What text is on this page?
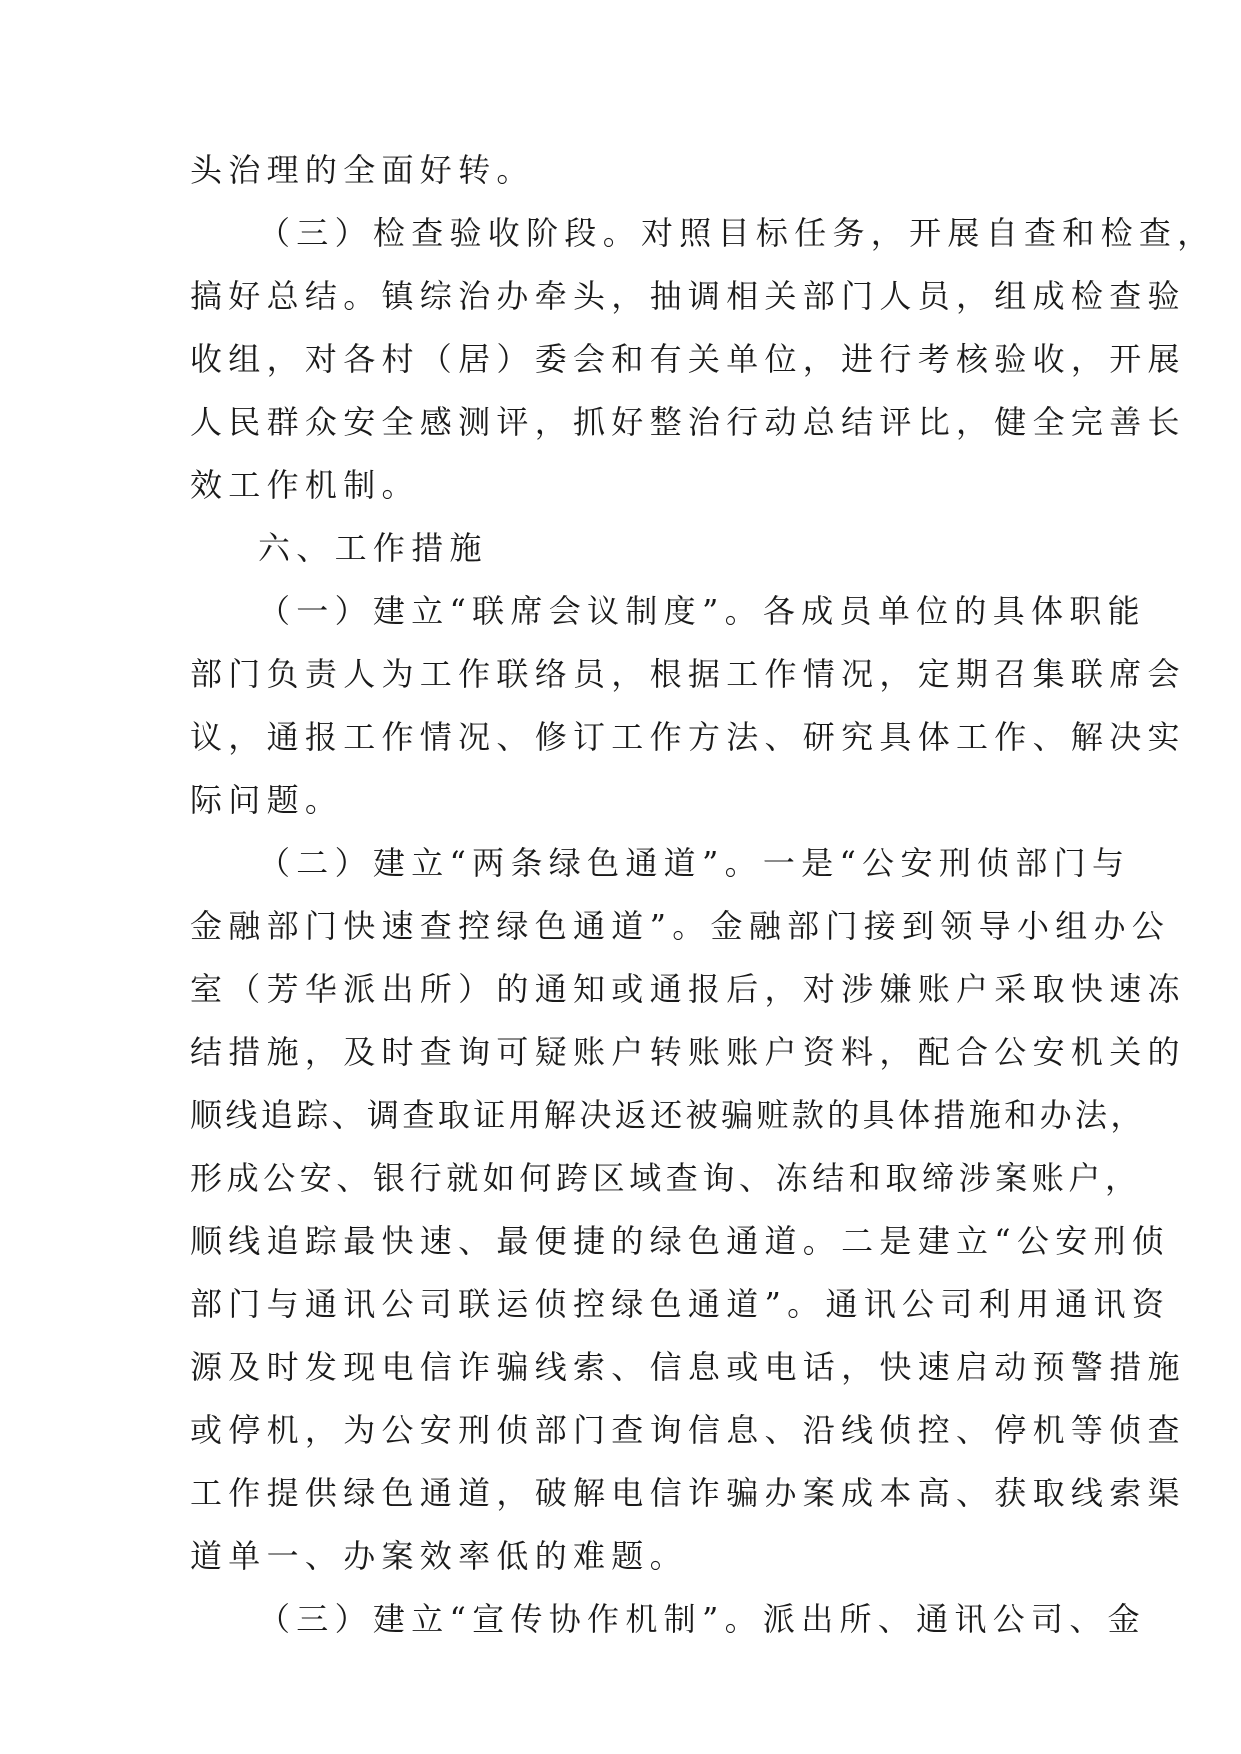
头治理的全面好转。
（三）检查验收阶段。对照目标任务，开展自查和检查，
搞好总结。镇综治办牵头，抽调相关部门人员，组成检查验
收组，对各村（居）委会和有关单位，进行考核验收，开展
人民群众安全感测评，抓好整治行动总结评比，健全完善长
效工作机制。
六、工作措施
（一）建立“联席会议制度”。各成员单位的具体职能
部门负责人为工作联络员，根据工作情况，定期召集联席会
议，通报工作情况、修订工作方法、研究具体工作、解决实
际问题。
（二）建立“两条绿色通道”。一是“公安刑侦部门与
金融部门快速查控绿色通道”。金融部门接到领导小组办公
室（芳华派出所）的通知或通报后，对涉嫌账户采取快速冻
结措施，及时查询可疑账户转账账户资料，配合公安机关的
顺线追踪、调查取证用解决返还被骗赃款的具体措施和办法，
形成公安、银行就如何跨区域查询、冻结和取缔涉案账户，
顺线追踪最快速、最便捷的绿色通道。二是建立“公安刑侦
部门与通讯公司联运侦控绿色通道”。通讯公司利用通讯资
源及时发现电信诈骗线索、信息或电话，快速启动预警措施
或停机，为公安刑侦部门查询信息、沿线侦控、停机等侦查
工作提供绿色通道，破解电信诈骗办案成本高、获取线索渠
道单一、办案效率低的难题。
（三）建立“宣传协作机制”。派出所、通讯公司、金
